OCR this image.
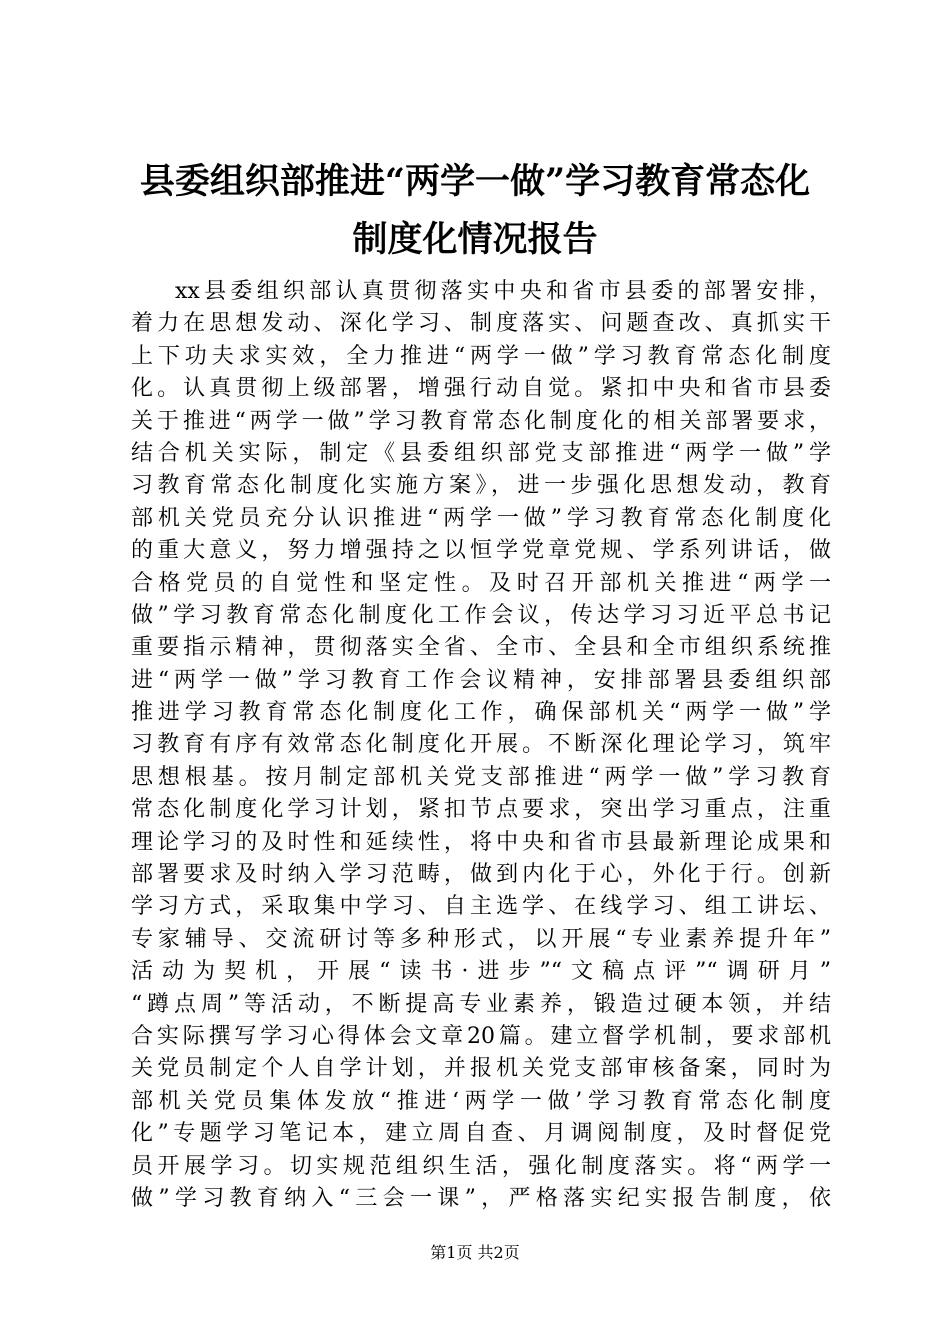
县委组织部推进“两学一做”学习教育常态化
制度化情况报告
xx县委组织部认真贯彻落实中央和省市县委的部署安排，
着力在思想发动、深化学习、制度落实、问题查改、真抓实干
上下功夫求实效，全力推进“两学一做”学习教育常态化制度
化。认真贯彻上级部署，增强行动自觉。紧扣中央和省市县委
关于推进“两学一做”学习教育常态化制度化的相关部署要求，
结合机关实际，制定《县委组织部党支部推进“两学一做”学
习教育常态化制度化实施方案》，进一步强化思想发动，教育
部机关党员充分认识推进“两学一做”学习教育常态化制度化
的重大意义，努力增强持之以恒学党章党规、学系列讲话，做
合格党员的自觉性和坚定性。及时召开部机关推进“两学一
做”学习教育常态化制度化工作会议，传达学习习近平总书记
重要指示精神，贯彻落实全省、全市、全县和全市组织系统推
进“两学一做”学习教育工作会议精神，安排部署县委组织部
推进学习教育常态化制度化工作，确保部机关“两学一做”学
习教育有序有效常态化制度化开展。不断深化理论学习，筑牢
思想根基。按月制定部机关党支部推进“两学一做”学习教育
常态化制度化学习计划，紧扣节点要求，突出学习重点，注重
理论学习的及时性和延续性，将中央和省市县最新理论成果和
部署要求及时纳入学习范畴，做到内化于心，外化于行。创新
学习方式，采取集中学习、自主选学、在线学习、组工讲坛、
专家辅导、交流研讨等多种形式，以开展“专业素养提升年”
活动为契机，开展“读书·进步”“文稿点评”“调研月”
“蹲点周”等活动，不断提高专业素养，锻造过硬本领，并结
合实际撰写学习心得体会文章20篇。建立督学机制，要求部机
关党员制定个人自学计划，并报机关党支部审核备案，同时为
部机关党员集体发放“推进‘两学一做’学习教育常态化制度
化”专题学习笔记本，建立周自查、月调阅制度，及时督促党
员开展学习。切实规范组织生活，强化制度落实。将“两学一
做”学习教育纳入“三会一课”，严格落实纪实报告制度，依
第1页 共2页
